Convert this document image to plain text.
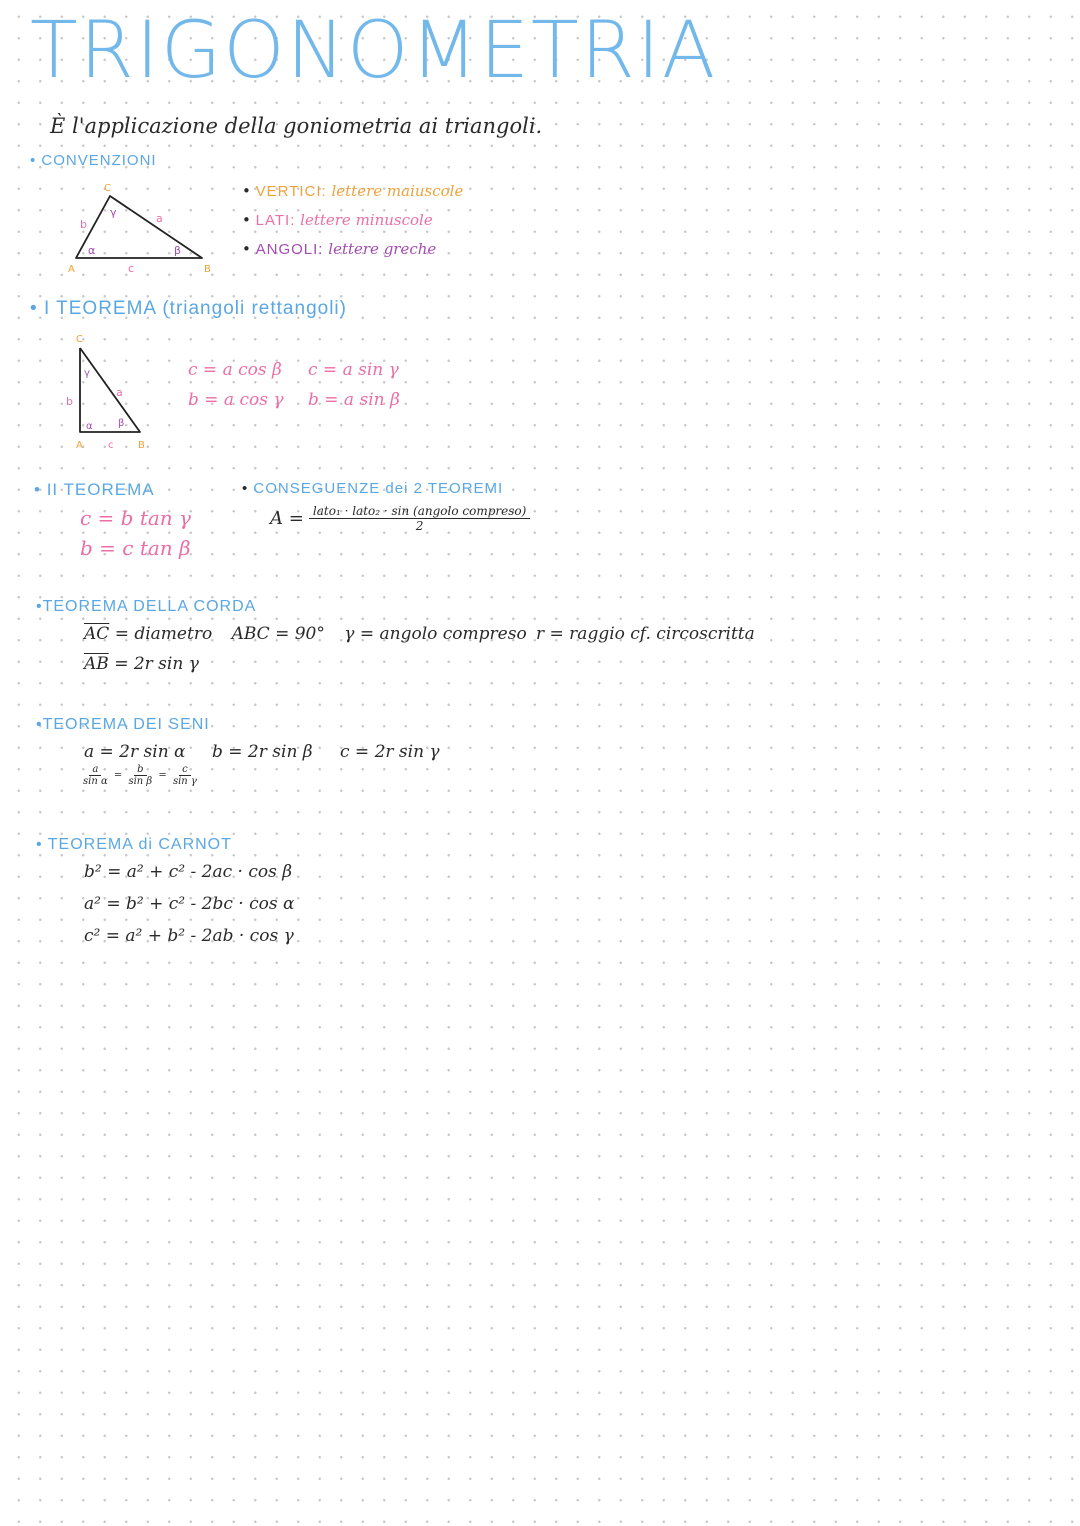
TRIGONOMETRIA
È l'applicazione della goniometria ai triangoli.
• CONVENZIONI
C
A	B
b	a
c
α	β
γ
• VERTICI: lettere maiuscole
• LATI: lettere minuscole
• ANGOLI: lettere greche
• I TEOREMA (triangoli rettangoli)
C
A	B
b
a
c
α	β
γ	c = a cos β
b = a cos γ
c = a sin γ
b = a sin β
• II TEOREMA
c = b tan γ
b = c tan β
• CONSEGUENZE dei 2 TEOREMI
$A = \frac{\text{lato₁ · lato₂ · sin (angolo compreso)}}{2}$
•TEOREMA DELLA CORDA
$\overline{AC}$ = diametro ABC = 90° γ = angolo compreso r = raggio cf. circoscritta
$\overline{AB} = 2r$ sin γ
•TEOREMA DEI SENI
a = 2r sin α b = 2r sin β c = 2r sin γ
$\frac{a}{\text{sin α}} = \frac{b}{\text{sin β}} = \frac{c}{\text{sin γ}}$
• TEOREMA di CARNOT
b² = a² + c² - 2ac · cos β
a² = b² + c² - 2bc · cos α
c² = a² + b² - 2ab · cos γ
